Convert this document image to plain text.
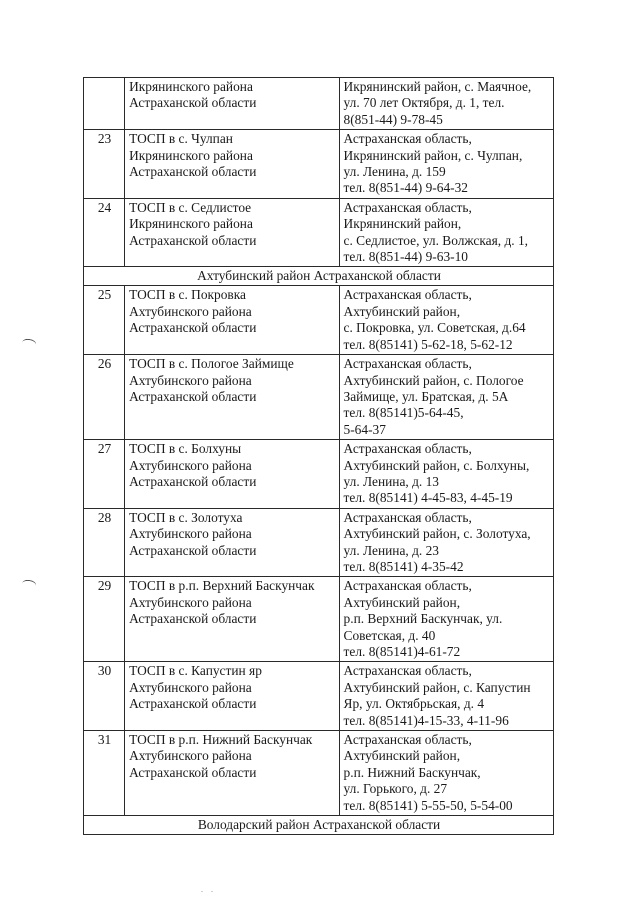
	Икрянинского района
Астраханской области	Икрянинский район, с. Маячное,
ул. 70 лет Октября, д. 1, тел.
8(851-44) 9-78-45

23	ТОСП в с. Чулпан
Икрянинского района
Астраханской области	Астраханская область,
Икрянинский район, с. Чулпан,
ул. Ленина, д. 159
тел. 8(851-44) 9-64-32

24	ТОСП в с. Седлистое
Икрянинского района
Астраханской области	Астраханская область,
Икрянинский район,
с. Седлистое, ул. Волжская, д. 1,
тел. 8(851-44) 9-63-10

Ахтубинский район Астраханской области		
25	ТОСП в с. Покровка
Ахтубинского района
Астраханской области	Астраханская область,
Ахтубинский район,
с. Покровка, ул. Советская, д.64
тел. 8(85141) 5-62-18, 5-62-12

26	ТОСП в с. Пологое Займище
Ахтубинского района
Астраханской области	Астраханская область,
Ахтубинский район, с. Пологое
Займище, ул. Братская, д. 5А
тел. 8(85141)5-64-45,
5-64-37

27	ТОСП в с. Болхуны
Ахтубинского района
Астраханской области	Астраханская область,
Ахтубинский район, с. Болхуны,
ул. Ленина, д. 13
тел. 8(85141) 4-45-83, 4-45-19

28	ТОСП в с. Золотуха
Ахтубинского района
Астраханской области	Астраханская область,
Ахтубинский район, с. Золотуха,
ул. Ленина, д. 23
тел. 8(85141) 4-35-42

29	ТОСП в р.п. Верхний Баскунчак
Ахтубинского района
Астраханской области	Астраханская область,
Ахтубинский район,
р.п. Верхний Баскунчак, ул.
Советская, д. 40
тел. 8(85141)4-61-72

30	ТОСП в с. Капустин яр
Ахтубинского района
Астраханской области	Астраханская область,
Ахтубинский район, с. Капустин
Яр, ул. Октябрьская, д. 4
тел. 8(85141)4-15-33, 4-11-96

31	ТОСП в р.п. Нижний Баскунчак
Ахтубинского района
Астраханской области	Астраханская область,
Ахтубинский район,
р.п. Нижний Баскунчак,
ул. Горького, д. 27
тел. 8(85141) 5-55-50, 5-54-00

Володарский район Астраханской области		
. .
